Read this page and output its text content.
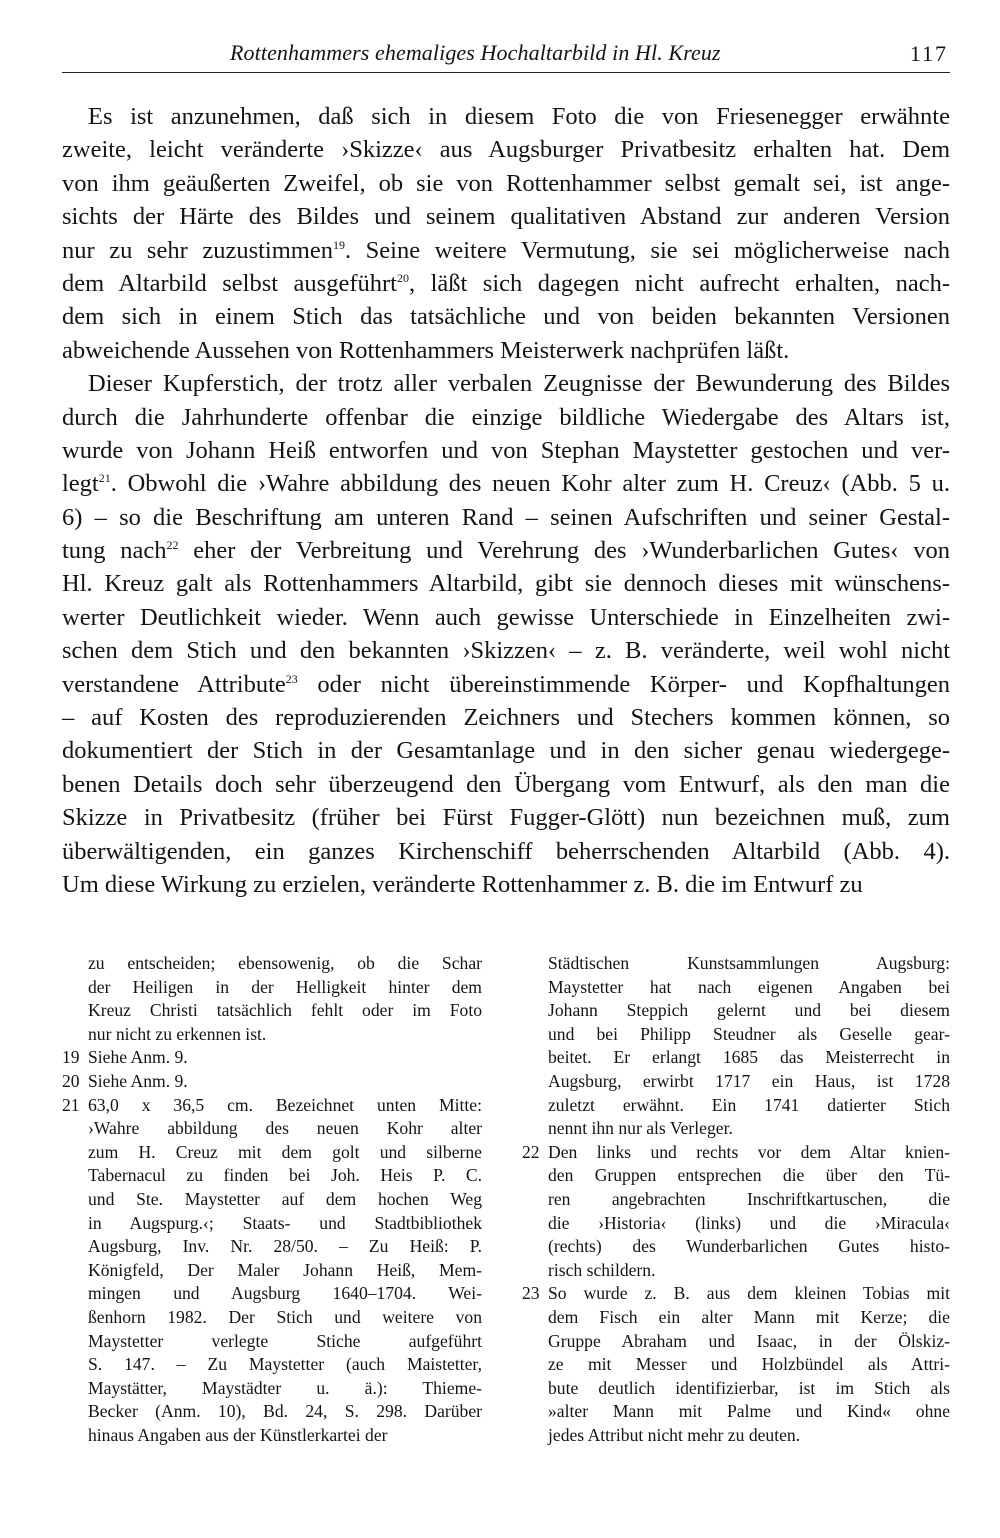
Rottenhammers ehemaliges Hochaltarbild in Hl. Kreuz	117
Es ist anzunehmen, daß sich in diesem Foto die von Friesenegger erwähnte
zweite, leicht veränderte ›Skizze‹ aus Augsburger Privatbesitz erhalten hat. Dem
von ihm geäußerten Zweifel, ob sie von Rottenhammer selbst gemalt sei, ist ange-
sichts der Härte des Bildes und seinem qualitativen Abstand zur anderen Version
nur zu sehr zuzustimmen$^{19}$. Seine weitere Vermutung, sie sei möglicherweise nach
dem Altarbild selbst ausgeführt$^{20}$, läßt sich dagegen nicht aufrecht erhalten, nach-
dem sich in einem Stich das tatsächliche und von beiden bekannten Versionen
abweichende Aussehen von Rottenhammers Meisterwerk nachprüfen läßt.
Dieser Kupferstich, der trotz aller verbalen Zeugnisse der Bewunderung des Bildes
durch die Jahrhunderte offenbar die einzige bildliche Wiedergabe des Altars ist,
wurde von Johann Heiß entworfen und von Stephan Maystetter gestochen und ver-
legt$^{21}$. Obwohl die ›Wahre abbildung des neuen Kohr alter zum H. Creuz‹ (Abb. 5 u.
6) – so die Beschriftung am unteren Rand – seinen Aufschriften und seiner Gestal-
tung nach$^{22}$ eher der Verbreitung und Verehrung des ›Wunderbarlichen Gutes‹ von
Hl. Kreuz galt als Rottenhammers Altarbild, gibt sie dennoch dieses mit wünschens-
werter Deutlichkeit wieder. Wenn auch gewisse Unterschiede in Einzelheiten zwi-
schen dem Stich und den bekannten ›Skizzen‹ – z. B. veränderte, weil wohl nicht
verstandene Attribute$^{23}$ oder nicht übereinstimmende Körper- und Kopfhaltungen
– auf Kosten des reproduzierenden Zeichners und Stechers kommen können, so
dokumentiert der Stich in der Gesamtanlage und in den sicher genau wiedergege-
benen Details doch sehr überzeugend den Übergang vom Entwurf, als den man die
Skizze in Privatbesitz (früher bei Fürst Fugger-Glött) nun bezeichnen muß, zum
überwältigenden, ein ganzes Kirchenschiff beherrschenden Altarbild (Abb. 4).
Um diese Wirkung zu erzielen, veränderte Rottenhammer z. B. die im Entwurf zu
zu entscheiden; ebensowenig, ob die Schar
der Heiligen in der Helligkeit hinter dem
Kreuz Christi tatsächlich fehlt oder im Foto
nur nicht zu erkennen ist.
19 Siehe Anm. 9.
20 Siehe Anm. 9.
21 63,0 x 36,5 cm. Bezeichnet unten Mitte:
›Wahre abbildung des neuen Kohr alter
zum H. Creuz mit dem golt und silberne
Tabernacul zu finden bei Joh. Heis P. C.
und Ste. Maystetter auf dem hochen Weg
in Augspurg.‹; Staats- und Stadtbibliothek
Augsburg, Inv. Nr. 28/50. – Zu Heiß: P.
Königfeld, Der Maler Johann Heiß, Mem-
mingen und Augsburg 1640–1704. Wei-
ßenhorn 1982. Der Stich und weitere von
Maystetter verlegte Stiche aufgeführt
S. 147. – Zu Maystetter (auch Maistetter,
Maystätter, Maystädter u. ä.): Thieme-
Becker (Anm. 10), Bd. 24, S. 298. Darüber
hinaus Angaben aus der Künstlerkartei der
Städtischen Kunstsammlungen Augsburg:
Maystetter hat nach eigenen Angaben bei
Johann Steppich gelernt und bei diesem
und bei Philipp Steudner als Geselle gear-
beitet. Er erlangt 1685 das Meisterrecht in
Augsburg, erwirbt 1717 ein Haus, ist 1728
zuletzt erwähnt. Ein 1741 datierter Stich
nennt ihn nur als Verleger.
22 Den links und rechts vor dem Altar knien-
den Gruppen entsprechen die über den Tü-
ren angebrachten Inschriftkartuschen, die
die ›Historia‹ (links) und die ›Miracula‹
(rechts) des Wunderbarlichen Gutes histo-
risch schildern.
23 So wurde z. B. aus dem kleinen Tobias mit
dem Fisch ein alter Mann mit Kerze; die
Gruppe Abraham und Isaac, in der Ölskiz-
ze mit Messer und Holzbündel als Attri-
bute deutlich identifizierbar, ist im Stich als
»alter Mann mit Palme und Kind« ohne
jedes Attribut nicht mehr zu deuten.
